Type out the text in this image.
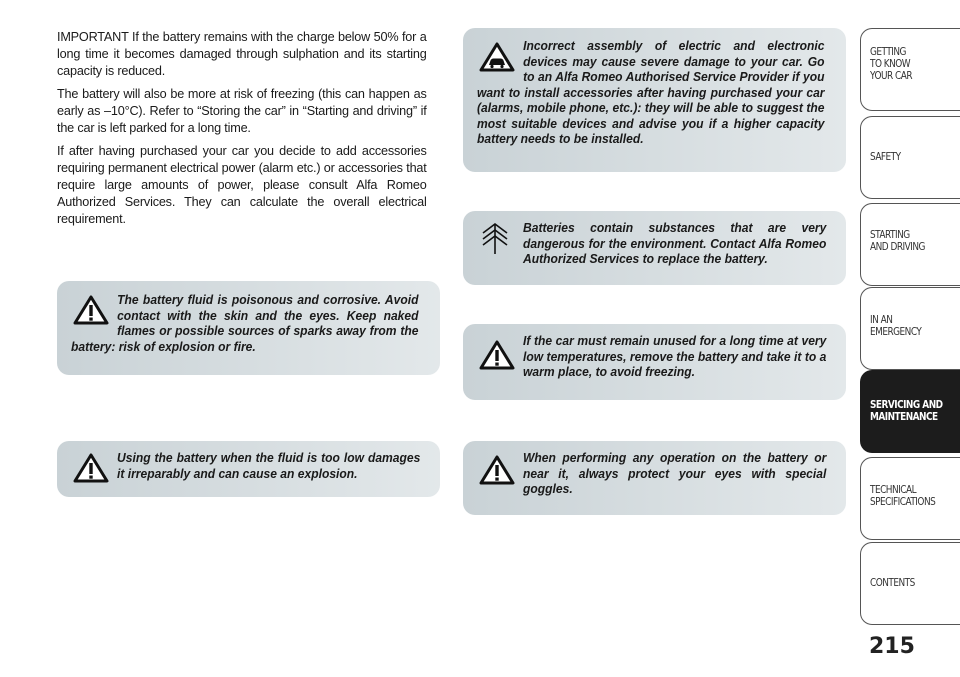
IMPORTANT If the battery remains with the charge below 50% for a long time it becomes damaged through sulphation and its starting capacity is reduced.

The battery will also be more at risk of freezing (this can happen as early as –10°C). Refer to “Storing the car” in “Starting and driving” if the car is left parked for a long time.

If after having purchased your car you decide to add accessories requiring permanent electrical power (alarm etc.) or accessories that require large amounts of power, please consult Alfa Romeo Authorized Services. They can calculate the overall electrical requirement.

The battery fluid is poisonous and corrosive. Avoid contact with the skin and the eyes. Keep naked flames or possible sources of sparks away from the battery: risk of explosion or fire.
Using the battery when the fluid is too low damages it irreparably and can cause an explosion.
Incorrect assembly of electric and electronic devices may cause severe damage to your car. Go to an Alfa Romeo Authorised Service Provider if you want to install accessories after having purchased your car (alarms, mobile phone, etc.): they will be able to suggest the most suitable devices and advise you if a higher capacity battery needs to be installed.
Batteries contain substances that are very dangerous for the environment. Contact Alfa Romeo Authorized Services to replace the battery.
If the car must remain unused for a long time at very low temperatures, remove the battery and take it to a warm place, to avoid freezing.
When performing any operation on the battery or near it, always protect your eyes with special goggles.
GETTING
TO KNOW
YOUR CAR
SAFETY
STARTING
AND DRIVING
IN AN
EMERGENCY
SERVICING AND
MAINTENANCE
TECHNICAL
SPECIFICATIONS
CONTENTS
215
